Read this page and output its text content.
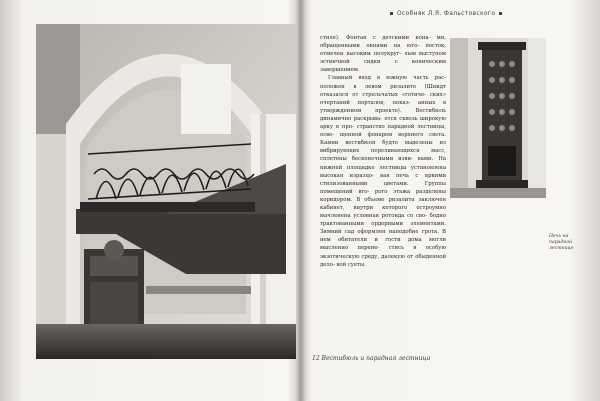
12 Вестибюль и парадная лестница
Особняк Л.Я. Фальстовского

стиле). Фонтан с детскими кона- ми, обращенными окнами на юго- восток, отмечен высоким полукруг- лым выступом эстинчной сидки с коническим завершением.

Главный вход в южную часть рас- положен в левом ризалите (Шнидт отказался от стрельчатых «готиче- ских» очертаний порталов, показ- анных в утвержденном проекте). Вестибюль динамично раскрыва- ется сквозь широкую арку в про- странство парадной лестницы, осве- щенной фонарем верхнего света. Камни вестибюля будто выделены из вибрирующих переливающихся масс, сплетены бесконечными изви- вами. На нижней площадке лестницы установлена высокая изразцо- вая печь с яркими стилизованными цветами. Группы помещений вто- рого этажа разделены коридором. В объеме ризалита заключен кабинет, внутри которого остроумно вычленена условная ротонда со сво- бодно трактованными ордерными элементами. Зимний сад оформлен наподобие грота. В нем обитатели и гости дома могли мысленно перене- стись в особую экзотическую среду, далекую от обыденной дело- вой суеты.

Печь на парадной лестнице
